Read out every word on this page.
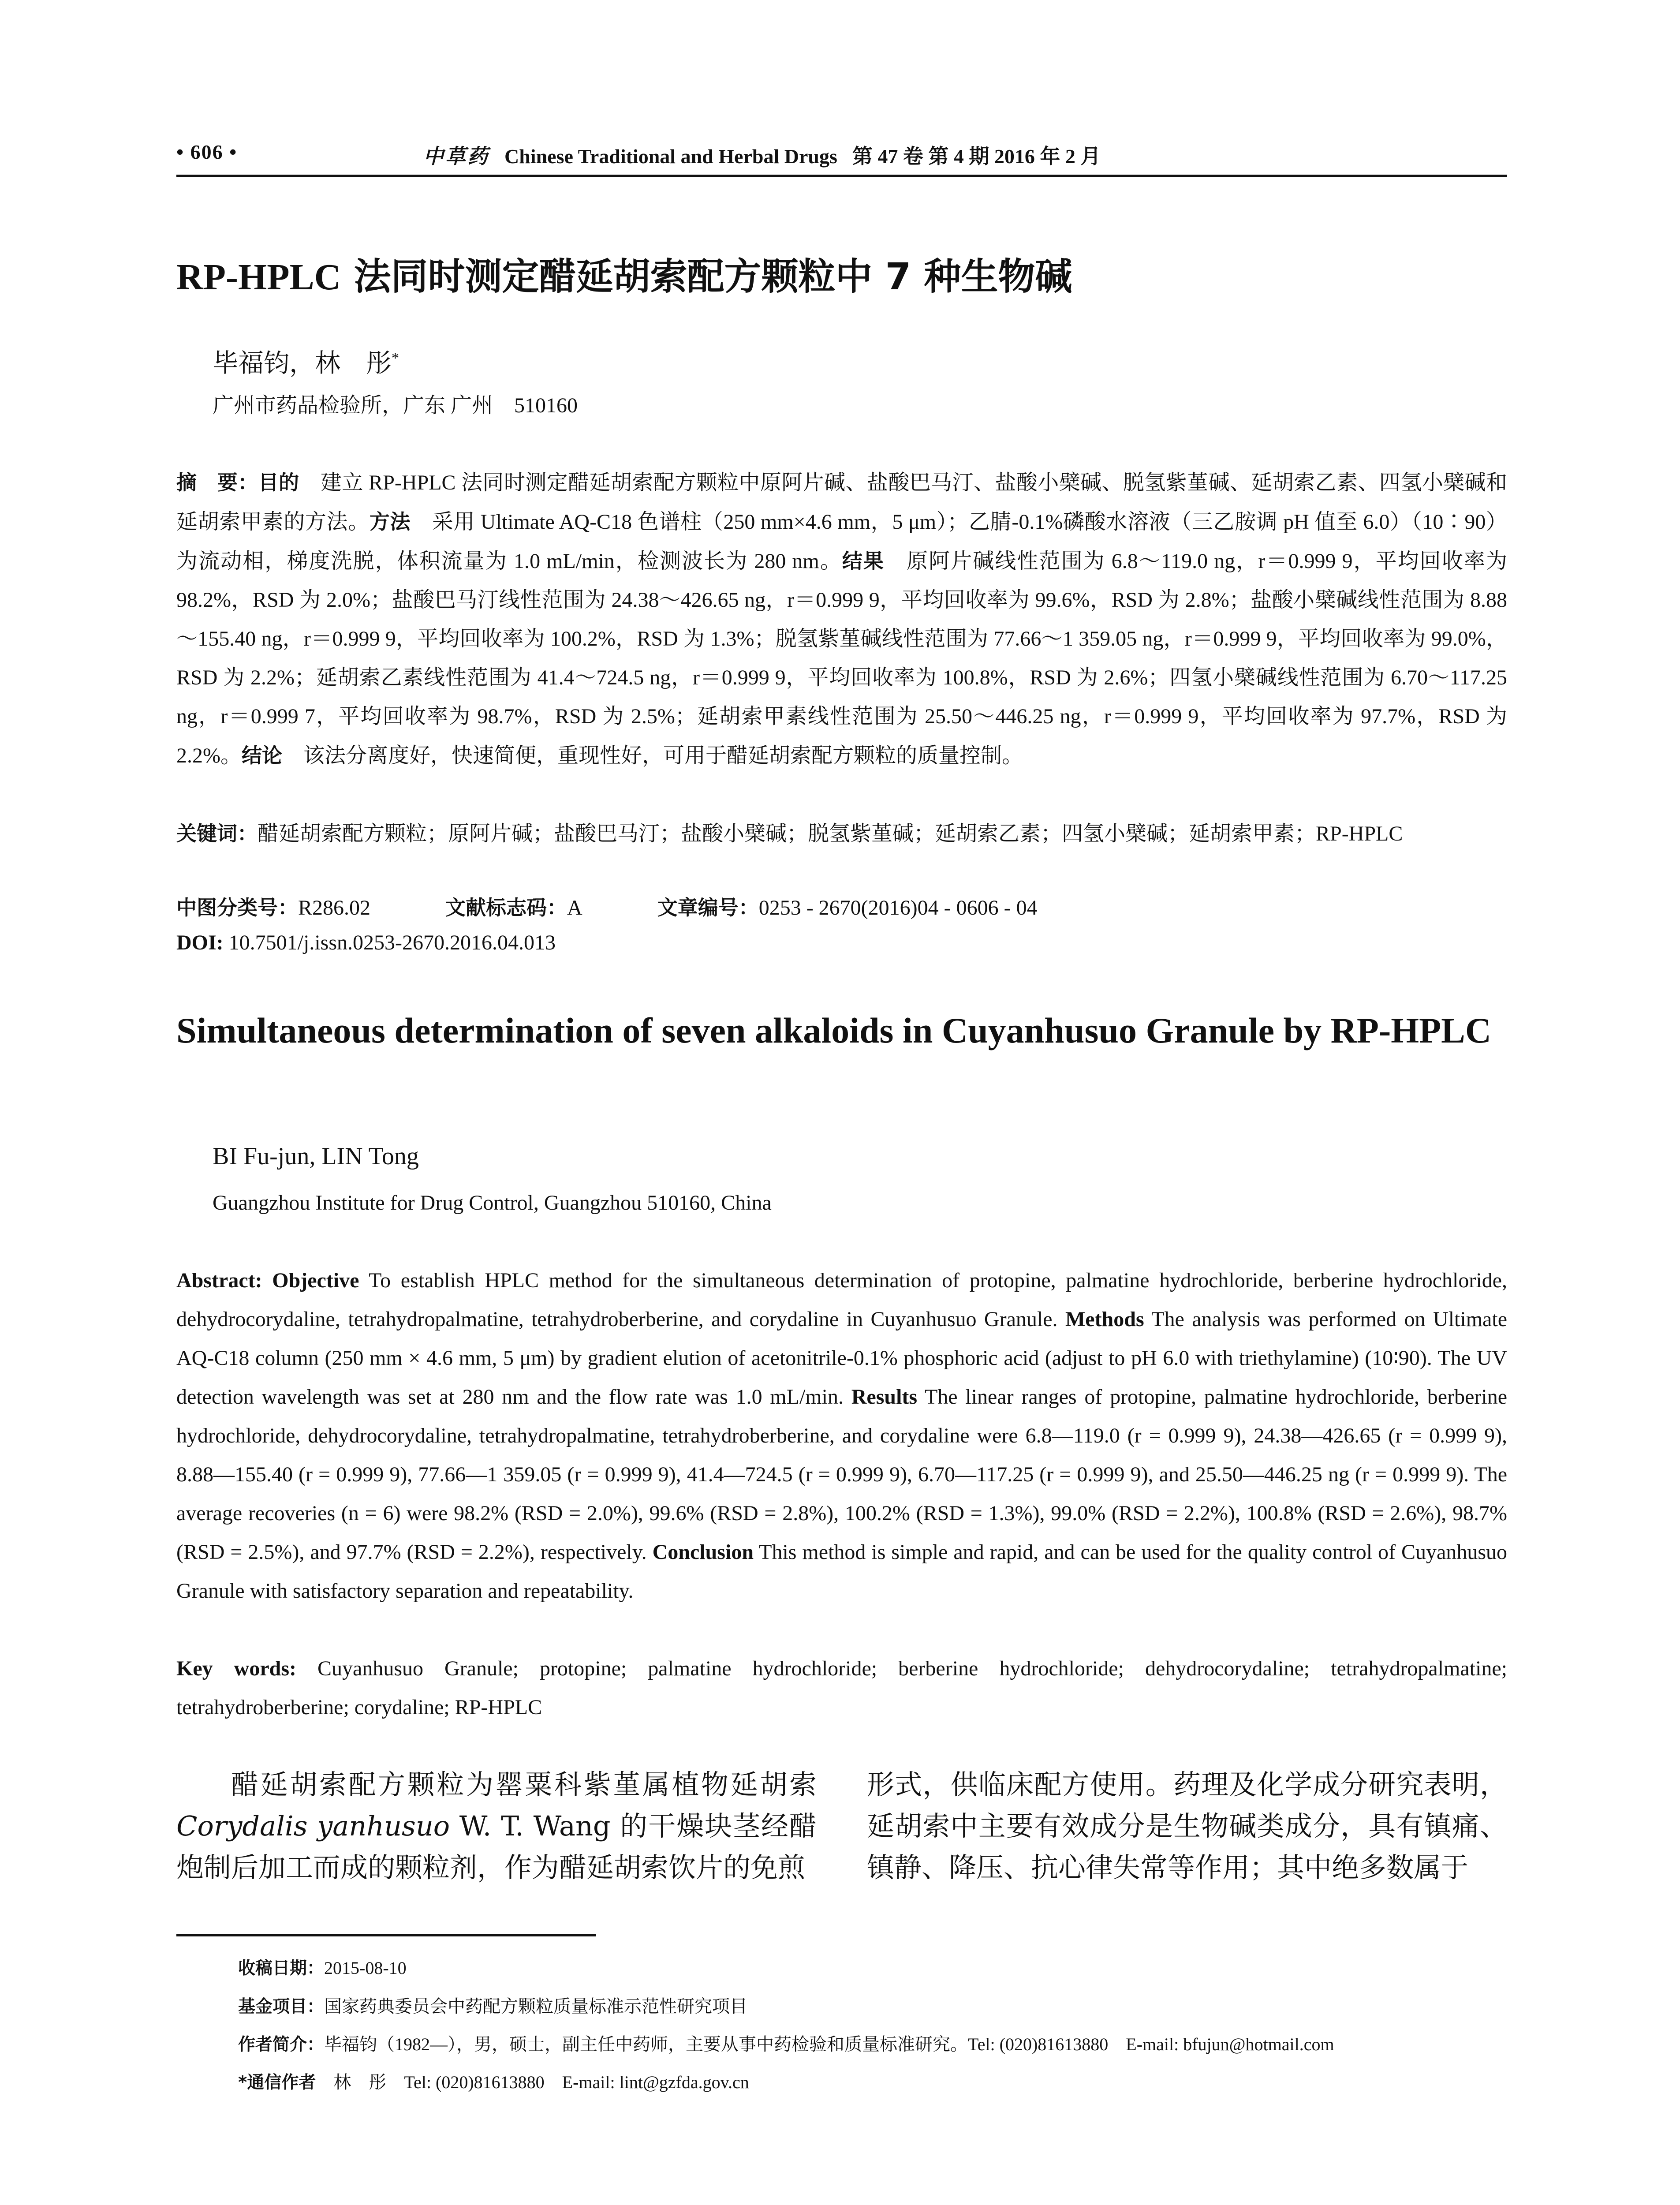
• 606 •	中草药 Chinese Traditional and Herbal Drugs 第 47 卷 第 4 期 2016 年 2 月
RP-HPLC 法同时测定醋延胡索配方颗粒中 7 种生物碱
毕福钧，林　彤*
广州市药品检验所，广东 广州　510160
摘　要：目的　建立 RP-HPLC 法同时测定醋延胡索配方颗粒中原阿片碱、盐酸巴马汀、盐酸小檗碱、脱氢紫堇碱、延胡索乙素、四氢小檗碱和延胡索甲素的方法。方法　采用 Ultimate AQ-C18 色谱柱（250 mm×4.6 mm，5 μm）；乙腈-0.1%磷酸水溶液（三乙胺调 pH 值至 6.0）（10∶90）为流动相，梯度洗脱，体积流量为 1.0 mL/min，检测波长为 280 nm。结果　原阿片碱线性范围为 6.8～119.0 ng，r＝0.999 9，平均回收率为 98.2%，RSD 为 2.0%；盐酸巴马汀线性范围为 24.38～426.65 ng，r＝0.999 9，平均回收率为 99.6%，RSD 为 2.8%；盐酸小檗碱线性范围为 8.88～155.40 ng，r＝0.999 9，平均回收率为 100.2%，RSD 为 1.3%；脱氢紫堇碱线性范围为 77.66～1 359.05 ng，r＝0.999 9，平均回收率为 99.0%，RSD 为 2.2%；延胡索乙素线性范围为 41.4～724.5 ng，r＝0.999 9，平均回收率为 100.8%，RSD 为 2.6%；四氢小檗碱线性范围为 6.70～117.25 ng，r＝0.999 7，平均回收率为 98.7%，RSD 为 2.5%；延胡索甲素线性范围为 25.50～446.25 ng，r＝0.999 9，平均回收率为 97.7%，RSD 为 2.2%。结论　该法分离度好，快速简便，重现性好，可用于醋延胡索配方颗粒的质量控制。
关键词：醋延胡索配方颗粒；原阿片碱；盐酸巴马汀；盐酸小檗碱；脱氢紫堇碱；延胡索乙素；四氢小檗碱；延胡索甲素；RP-HPLC
中图分类号：R286.02	文献标志码：A	文章编号：0253 - 2670(2016)04 - 0606 - 04
DOI: 10.7501/j.issn.0253-2670.2016.04.013
Simultaneous determination of seven alkaloids in Cuyanhusuo Granule by RP-HPLC
BI Fu-jun, LIN Tong
Guangzhou Institute for Drug Control, Guangzhou 510160, China
Abstract: Objective To establish HPLC method for the simultaneous determination of protopine, palmatine hydrochloride, berberine hydrochloride, dehydrocorydaline, tetrahydropalmatine, tetrahydroberberine, and corydaline in Cuyanhusuo Granule. Methods The analysis was performed on Ultimate AQ-C18 column (250 mm × 4.6 mm, 5 μm) by gradient elution of acetonitrile-0.1% phosphoric acid (adjust to pH 6.0 with triethylamine) (10∶90). The UV detection wavelength was set at 280 nm and the flow rate was 1.0 mL/min. Results The linear ranges of protopine, palmatine hydrochloride, berberine hydrochloride, dehydrocorydaline, tetrahydropalmatine, tetrahydroberberine, and corydaline were 6.8—119.0 (r = 0.999 9), 24.38—426.65 (r = 0.999 9), 8.88—155.40 (r = 0.999 9), 77.66—1 359.05 (r = 0.999 9), 41.4—724.5 (r = 0.999 9), 6.70—117.25 (r = 0.999 9), and 25.50—446.25 ng (r = 0.999 9). The average recoveries (n = 6) were 98.2% (RSD = 2.0%), 99.6% (RSD = 2.8%), 100.2% (RSD = 1.3%), 99.0% (RSD = 2.2%), 100.8% (RSD = 2.6%), 98.7% (RSD = 2.5%), and 97.7% (RSD = 2.2%), respectively. Conclusion This method is simple and rapid, and can be used for the quality control of Cuyanhusuo Granule with satisfactory separation and repeatability.
Key words: Cuyanhusuo Granule; protopine; palmatine hydrochloride; berberine hydrochloride; dehydrocorydaline; tetrahydropalmatine; tetrahydroberberine; corydaline; RP-HPLC

醋延胡索配方颗粒为罂粟科紫堇属植物延胡索Corydalis yanhusuo W. T. Wang 的干燥块茎经醋炮制后加工而成的颗粒剂，作为醋延胡索饮片的免煎

形式，供临床配方使用。药理及化学成分研究表明，延胡索中主要有效成分是生物碱类成分，具有镇痛、镇静、降压、抗心律失常等作用；其中绝多数属于
收稿日期：2015-08-10
基金项目：国家药典委员会中药配方颗粒质量标准示范性研究项目
作者简介：毕福钧（1982—），男，硕士，副主任中药师，主要从事中药检验和质量标准研究。Tel: (020)81613880　E-mail: bfujun@hotmail.com
*通信作者　林　彤　Tel: (020)81613880　E-mail: lint@gzfda.gov.cn
